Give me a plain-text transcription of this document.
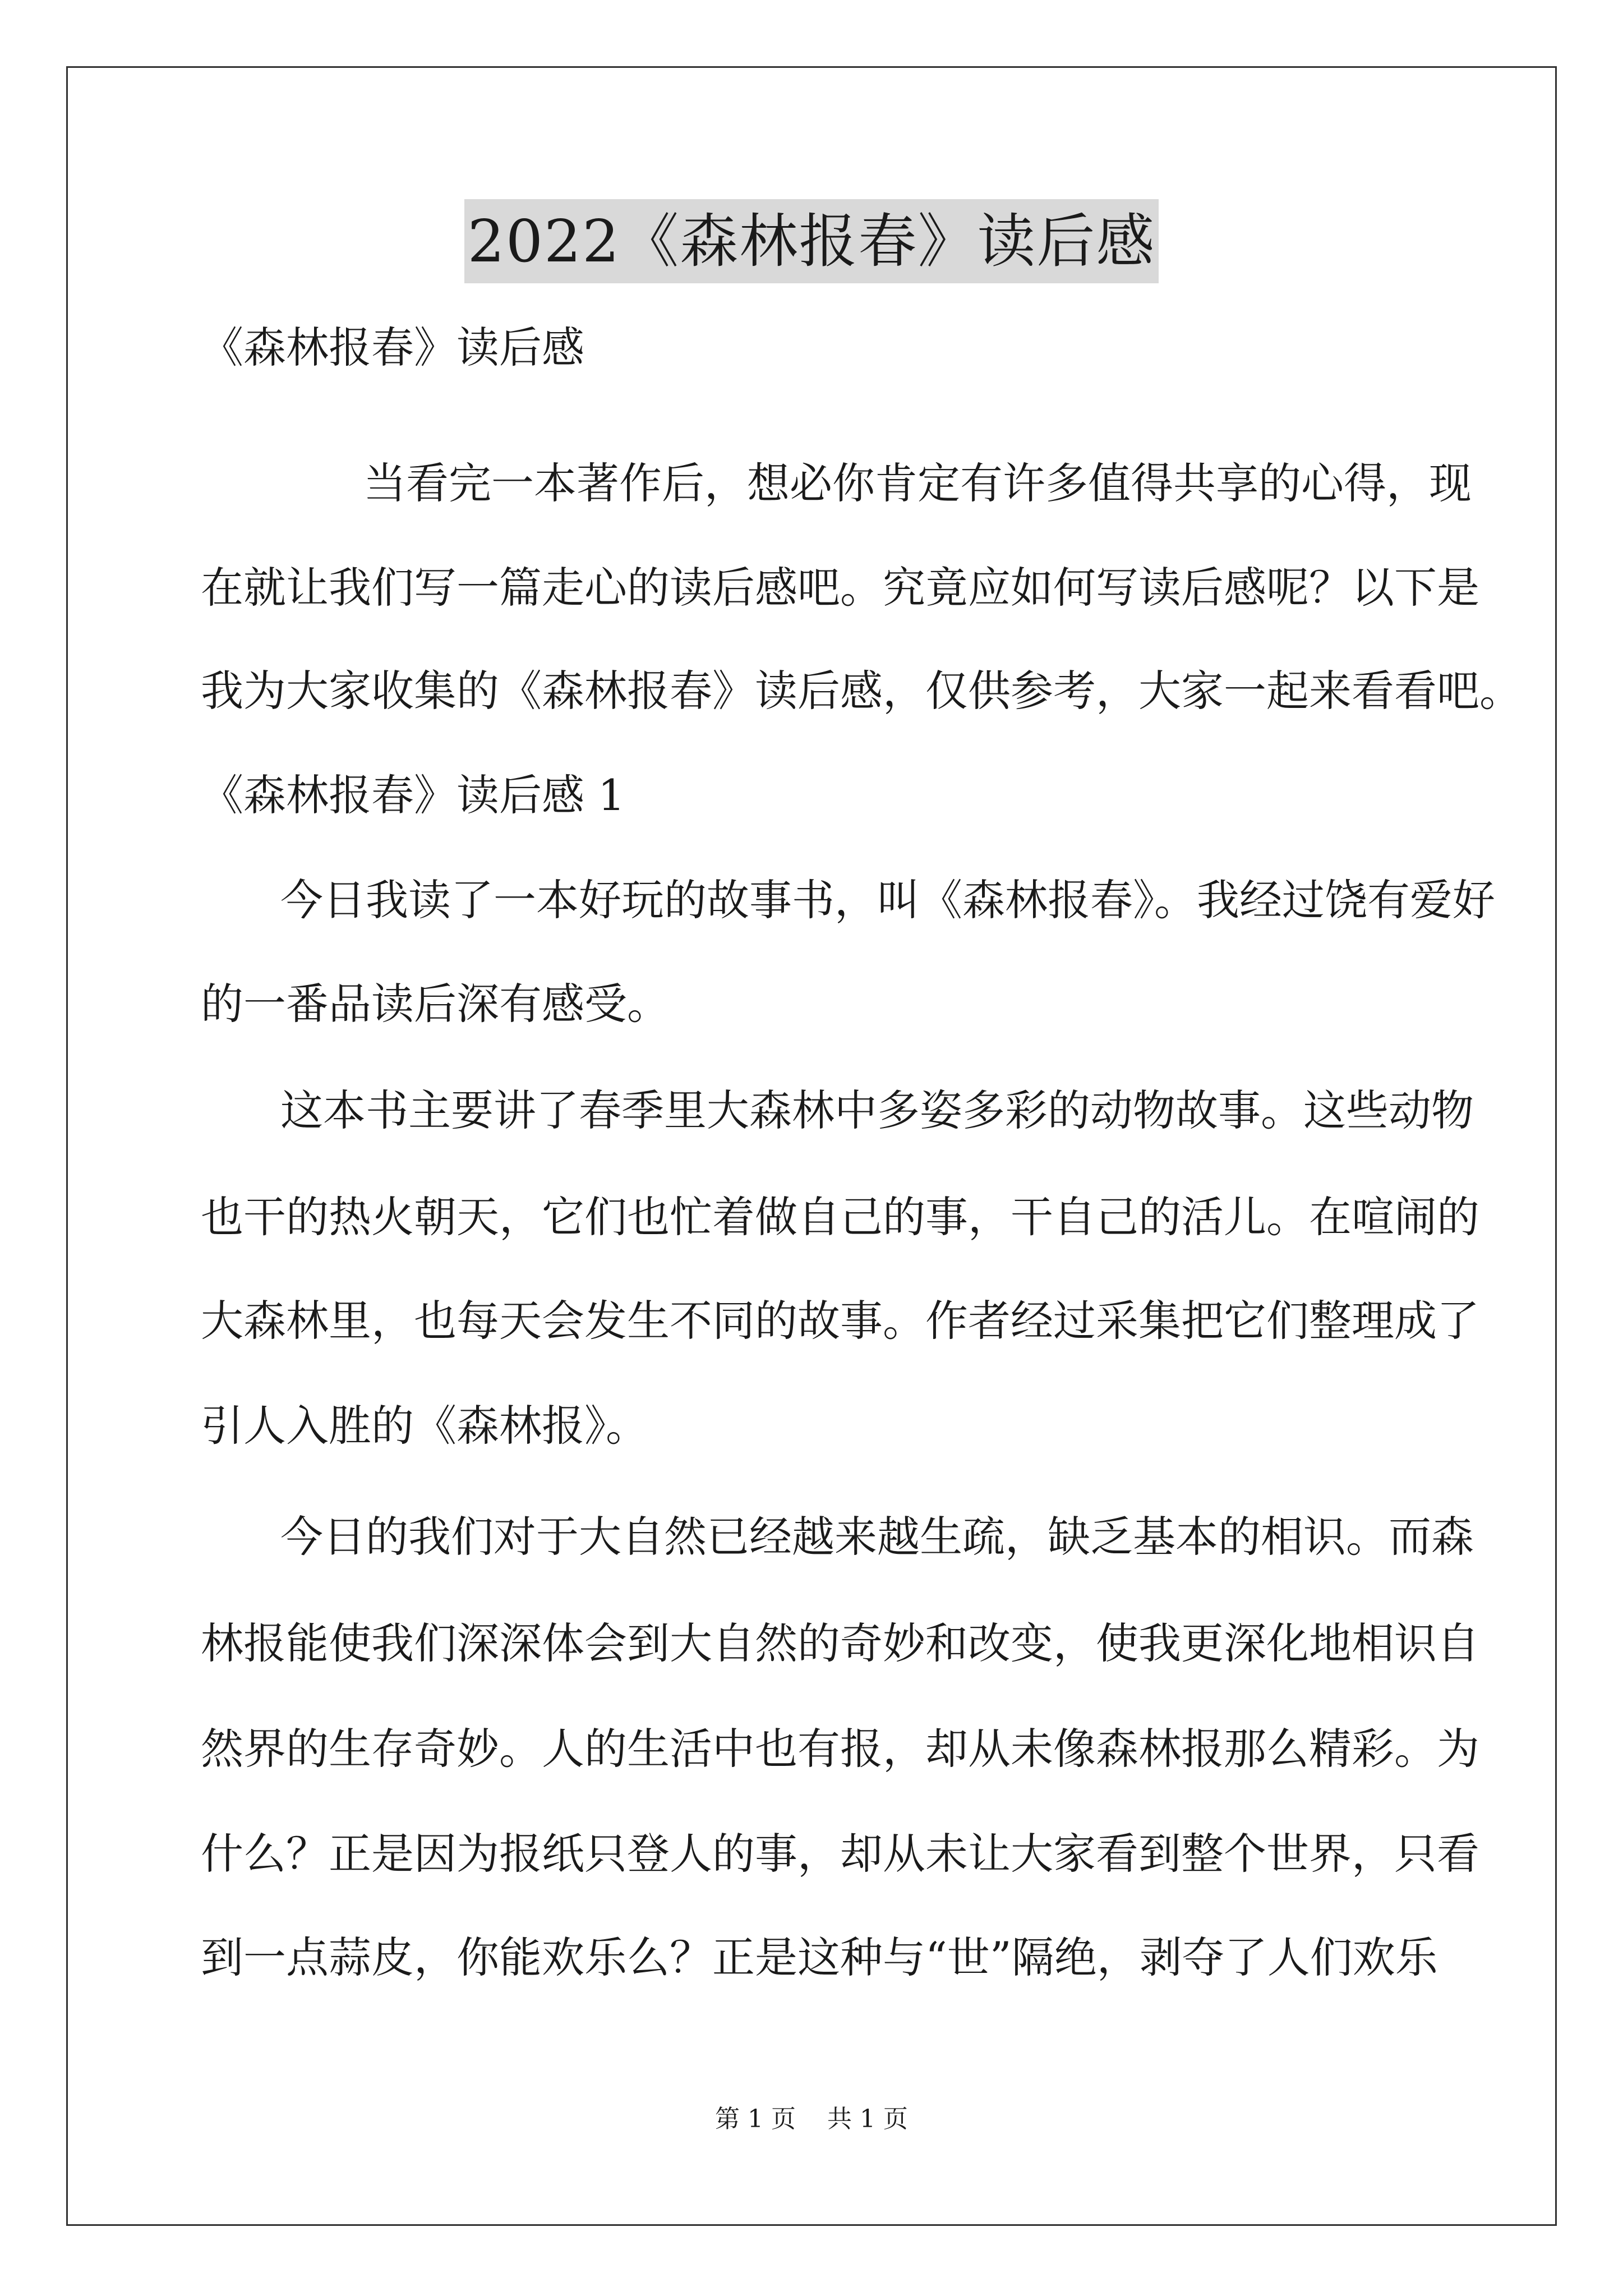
2022《森林报春》读后感
《森林报春》读后感
当看完一本著作后，想必你肯定有许多值得共享的心得，现
在就让我们写一篇走心的读后感吧。究竟应如何写读后感呢？以下是
我为大家收集的《森林报春》读后感，仅供参考，大家一起来看看吧。
《森林报春》读后感 1
今日我读了一本好玩的故事书，叫《森林报春》。我经过饶有爱好
的一番品读后深有感受。
这本书主要讲了春季里大森林中多姿多彩的动物故事。这些动物
也干的热火朝天，它们也忙着做自己的事，干自己的活儿。在喧闹的
大森林里，也每天会发生不同的故事。作者经过采集把它们整理成了
引人入胜的《森林报》。
今日的我们对于大自然已经越来越生疏，缺乏基本的相识。而森
林报能使我们深深体会到大自然的奇妙和改变，使我更深化地相识自
然界的生存奇妙。人的生活中也有报，却从未像森林报那么精彩。为
什么？正是因为报纸只登人的事，却从未让大家看到整个世界，只看
到一点蒜皮，你能欢乐么？正是这种与“世”隔绝，剥夺了人们欢乐
第 1 页 共 1 页
